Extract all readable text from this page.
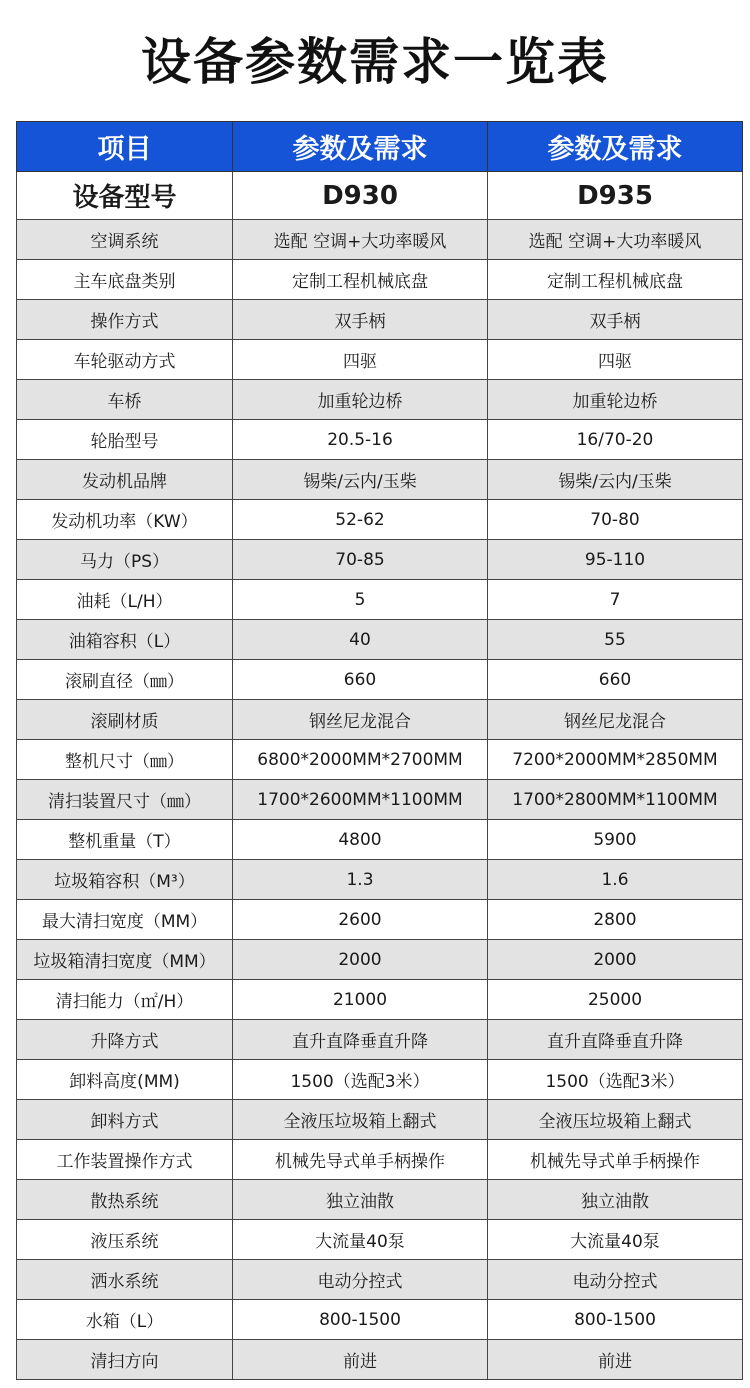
设备参数需求一览表
项目	参数及需求	参数及需求
设备型号	D930	D935
空调系统	选配 空调+大功率暖风	选配 空调+大功率暖风
主车底盘类别	定制工程机械底盘	定制工程机械底盘
操作方式	双手柄	双手柄
车轮驱动方式	四驱	四驱
车桥	加重轮边桥	加重轮边桥
轮胎型号	20.5-16	16/70-20
发动机品牌	锡柴/云内/玉柴	锡柴/云内/玉柴
发动机功率（KW）	52-62	70-80
马力（PS）	70-85	95-110
油耗（L/H）	5	7
油箱容积（L）	40	55
滚刷直径（㎜）	660	660
滚刷材质	钢丝尼龙混合	钢丝尼龙混合
整机尺寸（㎜）	6800*2000MM*2700MM	7200*2000MM*2850MM
清扫装置尺寸（㎜）	1700*2600MM*1100MM	1700*2800MM*1100MM
整机重量（T）	4800	5900
垃圾箱容积（M³）	1.3	1.6
最大清扫宽度（MM）	2600	2800
垃圾箱清扫宽度（MM）	2000	2000
清扫能力（㎡/H）	21000	25000
升降方式	直升直降垂直升降	直升直降垂直升降
卸料高度(MM)	1500（选配3米）	1500（选配3米）
卸料方式	全液压垃圾箱上翻式	全液压垃圾箱上翻式
工作装置操作方式	机械先导式单手柄操作	机械先导式单手柄操作
散热系统	独立油散	独立油散
液压系统	大流量40泵	大流量40泵
洒水系统	电动分控式	电动分控式
水箱（L）	800-1500	800-1500
清扫方向	前进	前进
